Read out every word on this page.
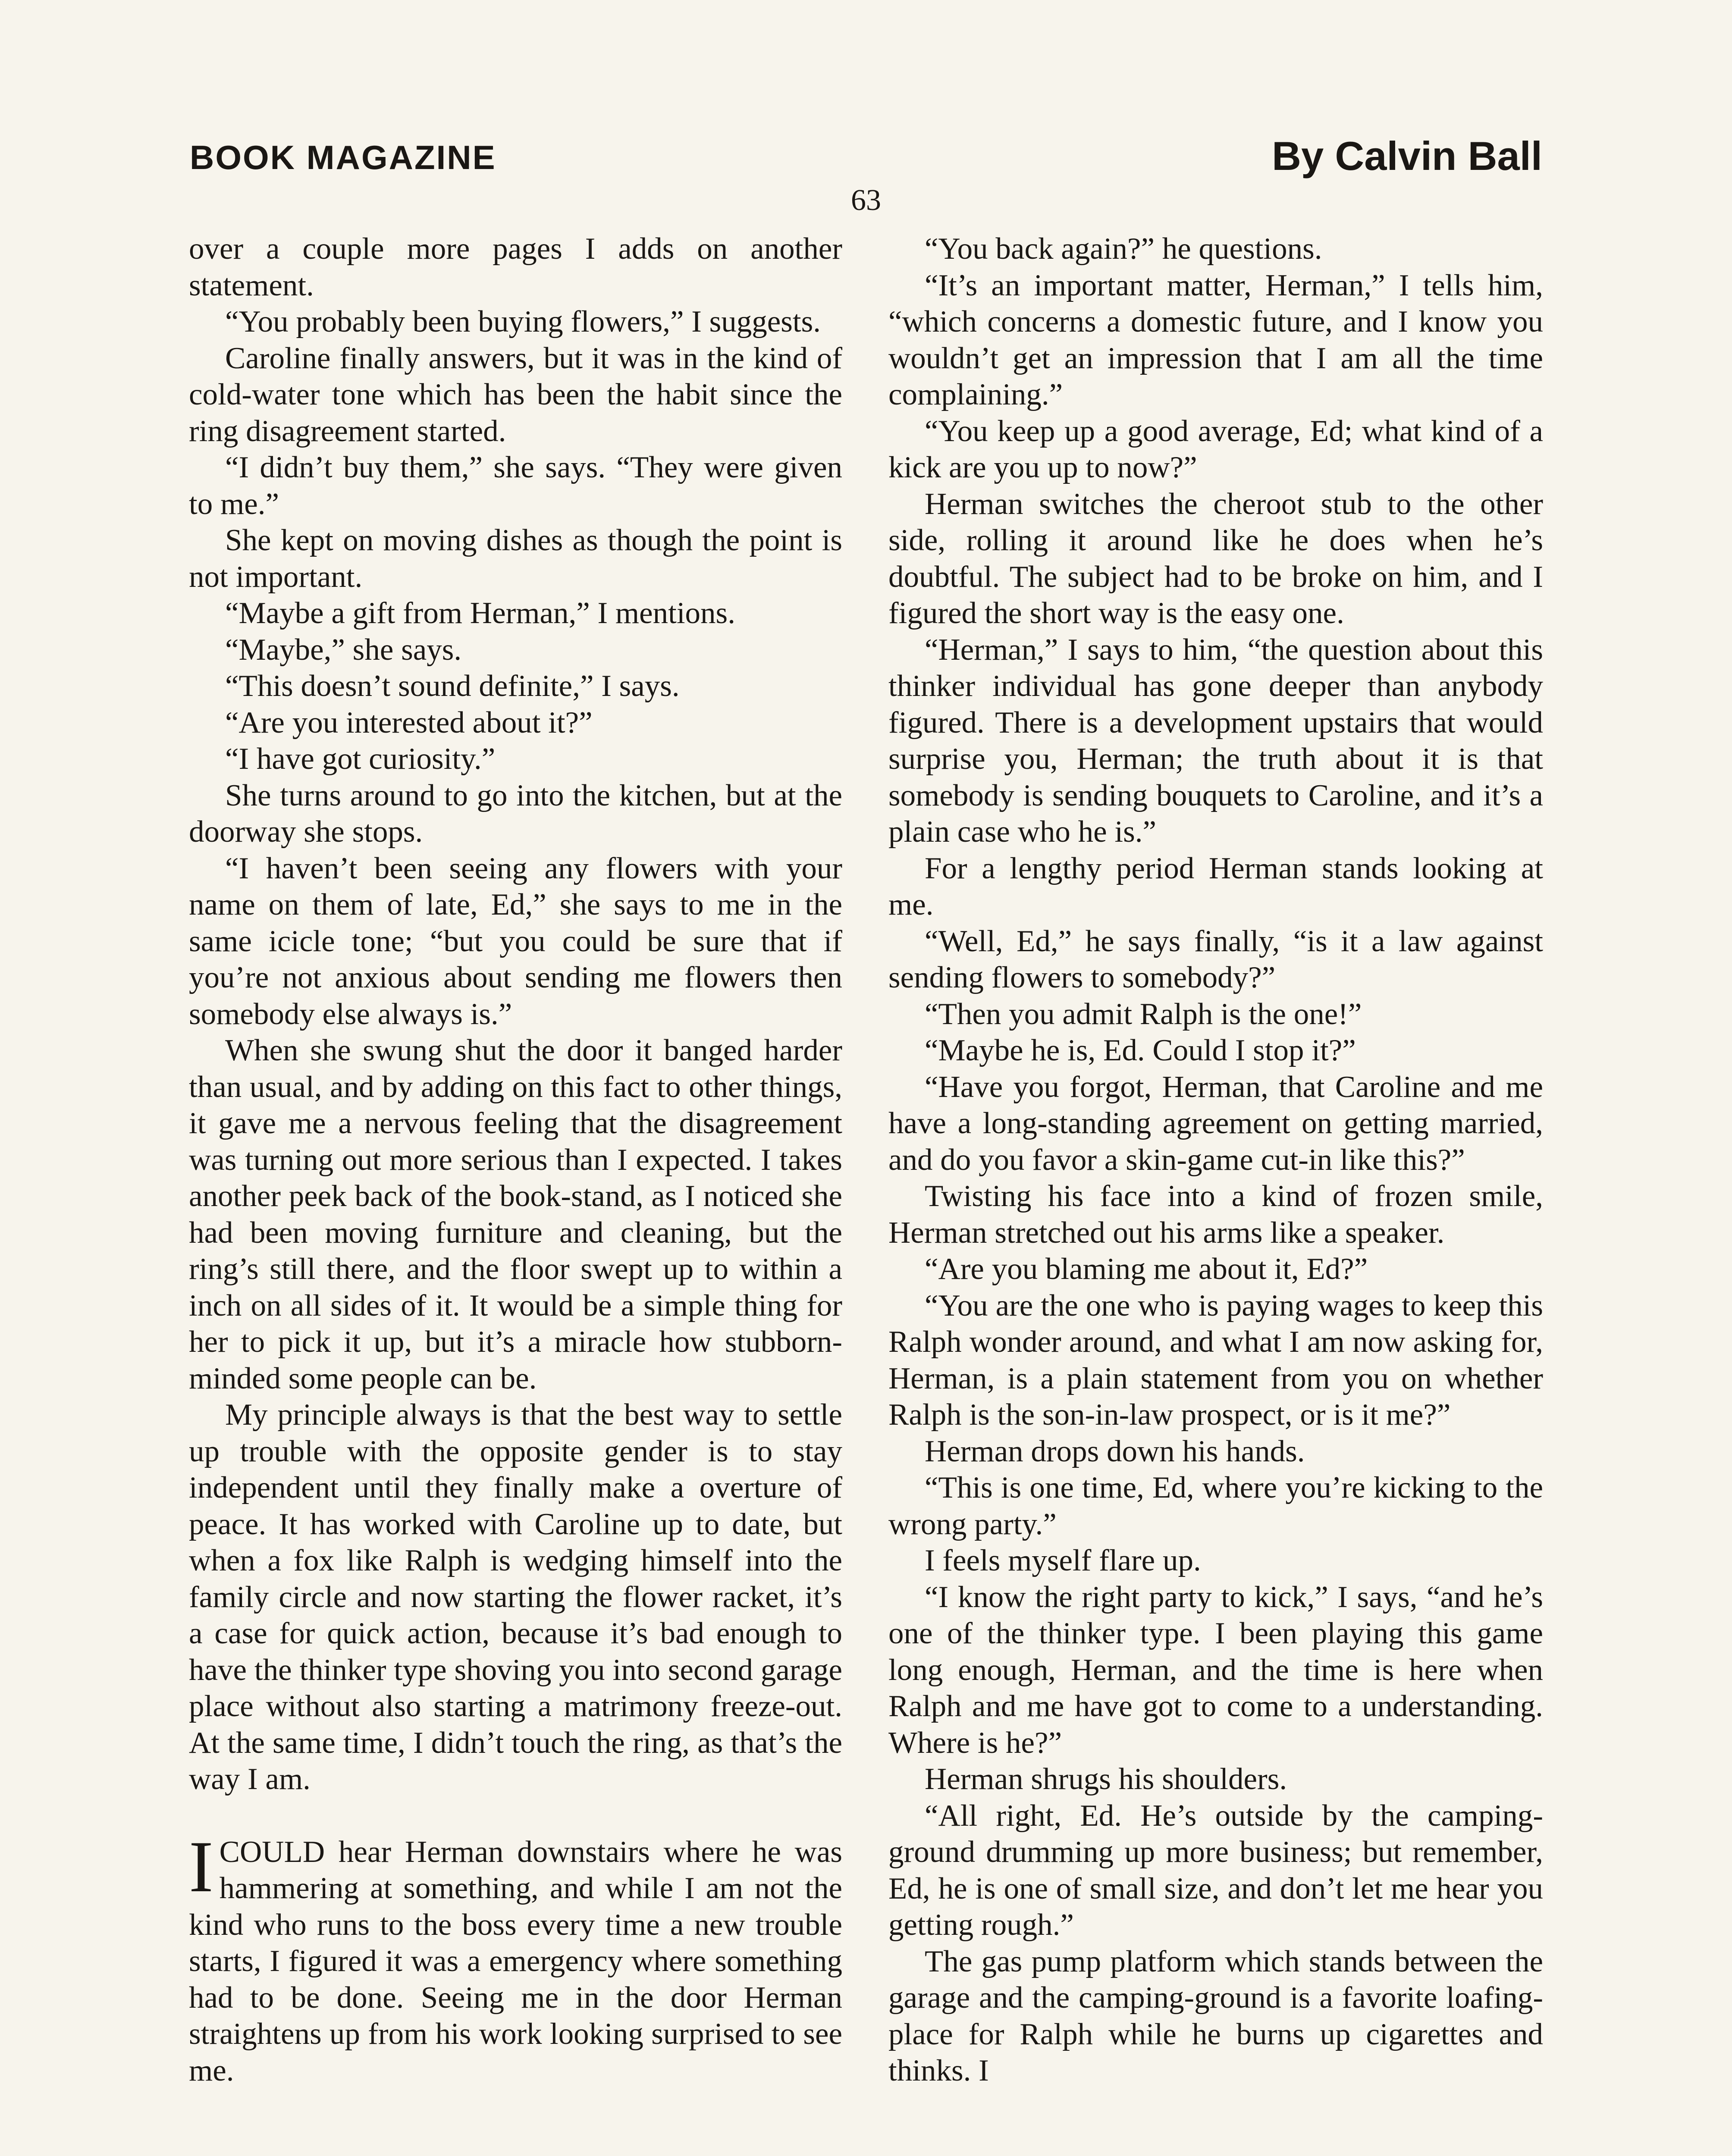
BOOK MAGAZINE	By Calvin Ball
63

over a couple more pages I adds on another statement.

“You probably been buying flowers,” I suggests.

Caroline finally answers, but it was in the kind of cold-water tone which has been the habit since the ring disagreement started.

“I didn’t buy them,” she says. “They were given to me.”

She kept on moving dishes as though the point is not important.

“Maybe a gift from Herman,” I mentions.

“Maybe,” she says.

“This doesn’t sound definite,” I says.

“Are you interested about it?”

“I have got curiosity.”

She turns around to go into the kitchen, but at the doorway she stops.

“I haven’t been seeing any flowers with your name on them of late, Ed,” she says to me in the same icicle tone; “but you could be sure that if you’re not anxious about sending me flowers then somebody else always is.”

When she swung shut the door it banged harder than usual, and by adding on this fact to other things, it gave me a nervous feeling that the disagreement was turning out more serious than I expected. I takes another peek back of the book-stand, as I noticed she had been moving furniture and cleaning, but the ring’s still there, and the floor swept up to within a inch on all sides of it. It would be a simple thing for her to pick it up, but it’s a miracle how stubborn-minded some people can be.

My principle always is that the best way to settle up trouble with the opposite gender is to stay independent until they finally make a overture of peace. It has worked with Caroline up to date, but when a fox like Ralph is wedging himself into the family circle and now starting the flower racket, it’s a case for quick action, because it’s bad enough to have the thinker type shoving you into second garage place without also starting a matrimony freeze-out. At the same time, I didn’t touch the ring, as that’s the way I am.

ICOULD hear Herman downstairs where he was hammering at something, and while I am not the kind who runs to the boss every time a new trouble starts, I figured it was a emergency where something had to be done. Seeing me in the door Herman straightens up from his work looking surprised to see me.

“You back again?” he questions.

“It’s an important matter, Herman,” I tells him, “which concerns a domestic future, and I know you wouldn’t get an impression that I am all the time complaining.”

“You keep up a good average, Ed; what kind of a kick are you up to now?”

Herman switches the cheroot stub to the other side, rolling it around like he does when he’s doubtful. The subject had to be broke on him, and I figured the short way is the easy one.

“Herman,” I says to him, “the question about this thinker individual has gone deeper than anybody figured. There is a development upstairs that would surprise you, Herman; the truth about it is that somebody is sending bouquets to Caroline, and it’s a plain case who he is.”

For a lengthy period Herman stands looking at me.

“Well, Ed,” he says finally, “is it a law against sending flowers to somebody?”

“Then you admit Ralph is the one!”

“Maybe he is, Ed. Could I stop it?”

“Have you forgot, Herman, that Caroline and me have a long-standing agreement on getting married, and do you favor a skin-game cut-in like this?”

Twisting his face into a kind of frozen smile, Herman stretched out his arms like a speaker.

“Are you blaming me about it, Ed?”

“You are the one who is paying wages to keep this Ralph wonder around, and what I am now asking for, Herman, is a plain statement from you on whether Ralph is the son-in-law prospect, or is it me?”

Herman drops down his hands.

“This is one time, Ed, where you’re kicking to the wrong party.”

I feels myself flare up.

“I know the right party to kick,” I says, “and he’s one of the thinker type. I been playing this game long enough, Herman, and the time is here when Ralph and me have got to come to a understanding. Where is he?”

Herman shrugs his shoulders.

“All right, Ed. He’s outside by the camping-ground drumming up more business; but remember, Ed, he is one of small size, and don’t let me hear you getting rough.”

The gas pump platform which stands between the garage and the camping-ground is a favorite loafing-place for Ralph while he burns up cigarettes and thinks. I
